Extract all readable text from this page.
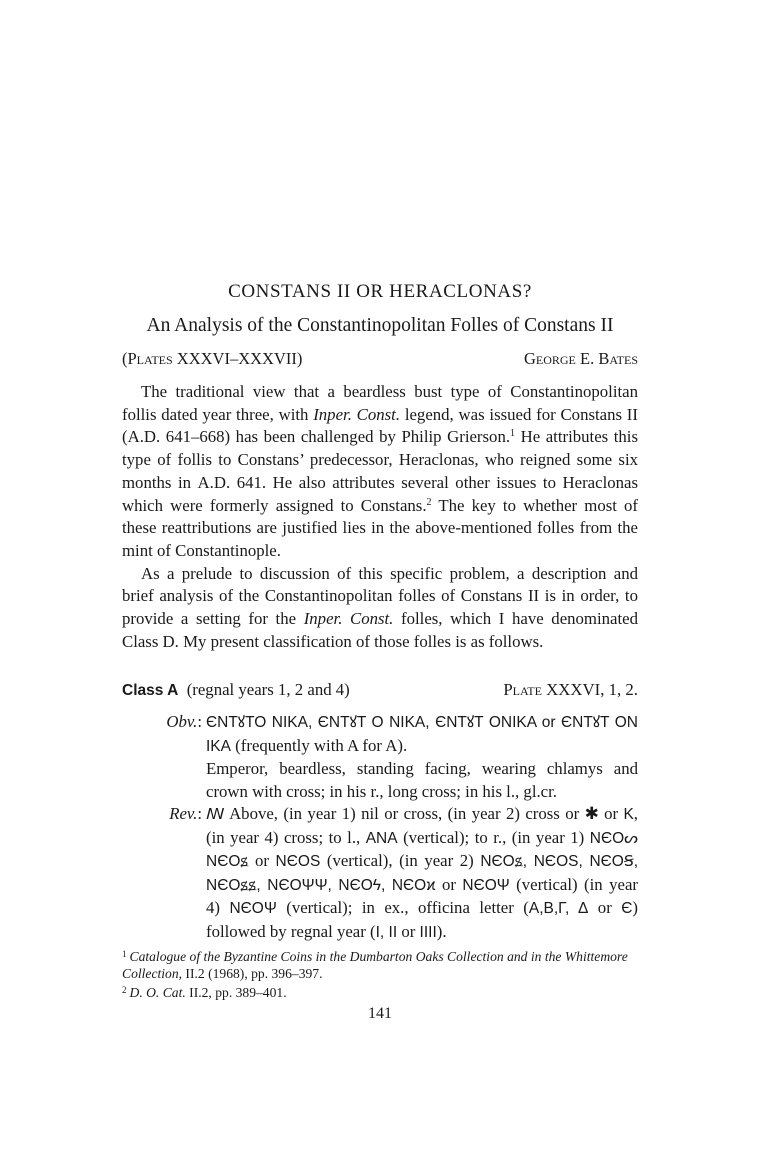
CONSTANS II OR HERACLONAS?
An Analysis of the Constantinopolitan Folles of Constans II
(Plates XXXVI–XXXVII)	George E. Bates

The traditional view that a beardless bust type of Constantinopolitan follis dated year three, with Inper. Const. legend, was issued for Constans II (A.D. 641–668) has been challenged by Philip Grierson.$^1$ He attributes this type of follis to Constans’ predecessor, Heraclonas, who reigned some six months in A.D. 641. He also attributes several other issues to Heraclonas which were formerly assigned to Constans.$^2$ The key to whether most of these reattributions are justified lies in the above-mentioned folles from the mint of Constantinople.

As a prelude to discussion of this specific problem, a description and brief analysis of the Constantinopolitan folles of Constans II is in order, to provide a setting for the Inper. Const. folles, which I have denominated Class D. My present classification of those folles is as follows.

Class A (regnal years 1, 2 and 4)	Plate XXXVI, 1, 2.
Obv.: ЄNTꙋTO NIKA, ЄNTꙋT O NIKA, ЄNTꙋT ONIKA or ЄNTꙋT ON IKA (frequently with A for A).
Emperor, beardless, standing facing, wearing chlamys and crown with cross; in his r., long cross; in his l., gl.cr.
Rev.: ꟿ Above, (in year 1) nil or cross, (in year 2) cross or ✱ or K, (in year 4) cross; to l., ANA (vertical); to r., (in year 1) NЄOᔕ NЄOꟍ or NЄOS (vertical), (in year 2) NЄOꟍ, NЄOS, NЄOꞨ, NЄOꟍꟍ, NЄOΨΨ, NЄOϟ, NЄOϰ or NЄOΨ (vertical) (in year 4) NЄOΨ (vertical); in ex., officina letter (A,B,Γ, Δ or Є) followed by regnal year (I, II or IIII).

$^1$ Catalogue of the Byzantine Coins in the Dumbarton Oaks Collection and in the Whittemore Collection, II.2 (1968), pp. 396–397.

$^2$ D. O. Cat. II.2, pp. 389–401.

141
